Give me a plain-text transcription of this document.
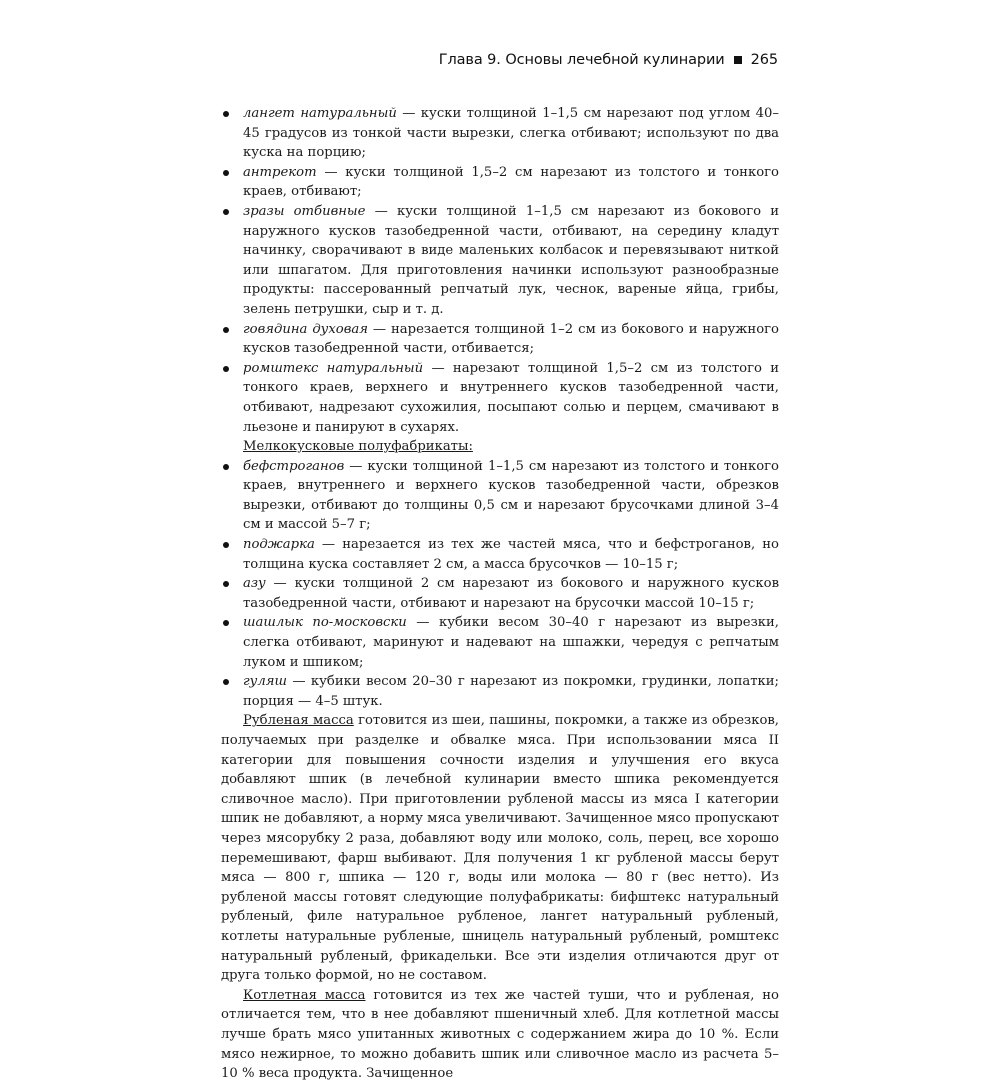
Глава 9. Основы лечебной кулинарии 265
лангет натуральный — куски толщиной 1–1,5 см нарезают под углом 40–45 градусов из тонкой части вырезки, слегка отбивают; используют по два куска на порцию;
антрекот — куски толщиной 1,5–2 см нарезают из толстого и тонкого краев, отбивают;
зразы отбивные — куски толщиной 1–1,5 см нарезают из бокового и наружного кусков тазобедренной части, отбивают, на середину кладут начинку, сворачивают в виде маленьких колбасок и перевязывают ниткой или шпагатом. Для приготовления начинки используют разнообразные продукты: пассерованный репчатый лук, чеснок, вареные яйца, грибы, зелень петрушки, сыр и т. д.
говядина духовая — нарезается толщиной 1–2 см из бокового и наружного кусков тазобедренной части, отбивается;
ромштекс натуральный — нарезают толщиной 1,5–2 см из толстого и тонкого краев, верхнего и внутреннего кусков тазобедренной части, отбивают, надрезают сухожилия, посыпают солью и перцем, смачивают в льезоне и панируют в сухарях.
Мелкокусковые полуфабрикаты:
бефстроганов — куски толщиной 1–1,5 см нарезают из толстого и тонкого краев, внутреннего и верхнего кусков тазобедренной части, обрезков вырезки, отбивают до толщины 0,5 см и нарезают брусочками длиной 3–4 см и массой 5–7 г;
поджарка — нарезается из тех же частей мяса, что и бефстроганов, но толщина куска составляет 2 см, а масса брусочков — 10–15 г;
азу — куски толщиной 2 см нарезают из бокового и наружного кусков тазобедренной части, отбивают и нарезают на брусочки массой 10–15 г;
шашлык по-московски — кубики весом 30–40 г нарезают из вырезки, слегка отбивают, маринуют и надевают на шпажки, чередуя с репчатым луком и шпиком;
гуляш — кубики весом 20–30 г нарезают из покромки, грудинки, лопатки; порция — 4–5 штук.

Рубленая масса готовится из шеи, пашины, покромки, а также из обрезков, получаемых при разделке и обвалке мяса. При использовании мяса II категории для повышения сочности изделия и улучшения его вкуса добавляют шпик (в лечебной кулинарии вместо шпика рекомендуется сливочное масло). При приготовлении рубленой массы из мяса I категории шпик не добавляют, а норму мяса увеличивают. Зачищенное мясо пропускают через мясорубку 2 раза, добавляют воду или молоко, соль, перец, все хорошо перемешивают, фарш выбивают. Для получения 1 кг рубленой массы берут мяса — 800 г, шпика — 120 г, воды или молока — 80 г (вес нетто). Из рубленой массы готовят следующие полуфабрикаты: бифштекс натуральный рубленый, филе натуральное рубленое, лангет натуральный рубленый, котлеты натуральные рубленые, шницель натуральный рубленый, ромштекс натуральный рубленый, фрикадельки. Все эти изделия отличаются друг от друга только формой, но не составом.

Котлетная масса готовится из тех же частей туши, что и рубленая, но отличается тем, что в нее добавляют пшеничный хлеб. Для котлетной массы лучше брать мясо упитанных животных с содержанием жира до 10 %. Если мясо нежирное, то можно добавить шпик или сливочное масло из расчета 5–10 % веса продукта. Зачищенное
